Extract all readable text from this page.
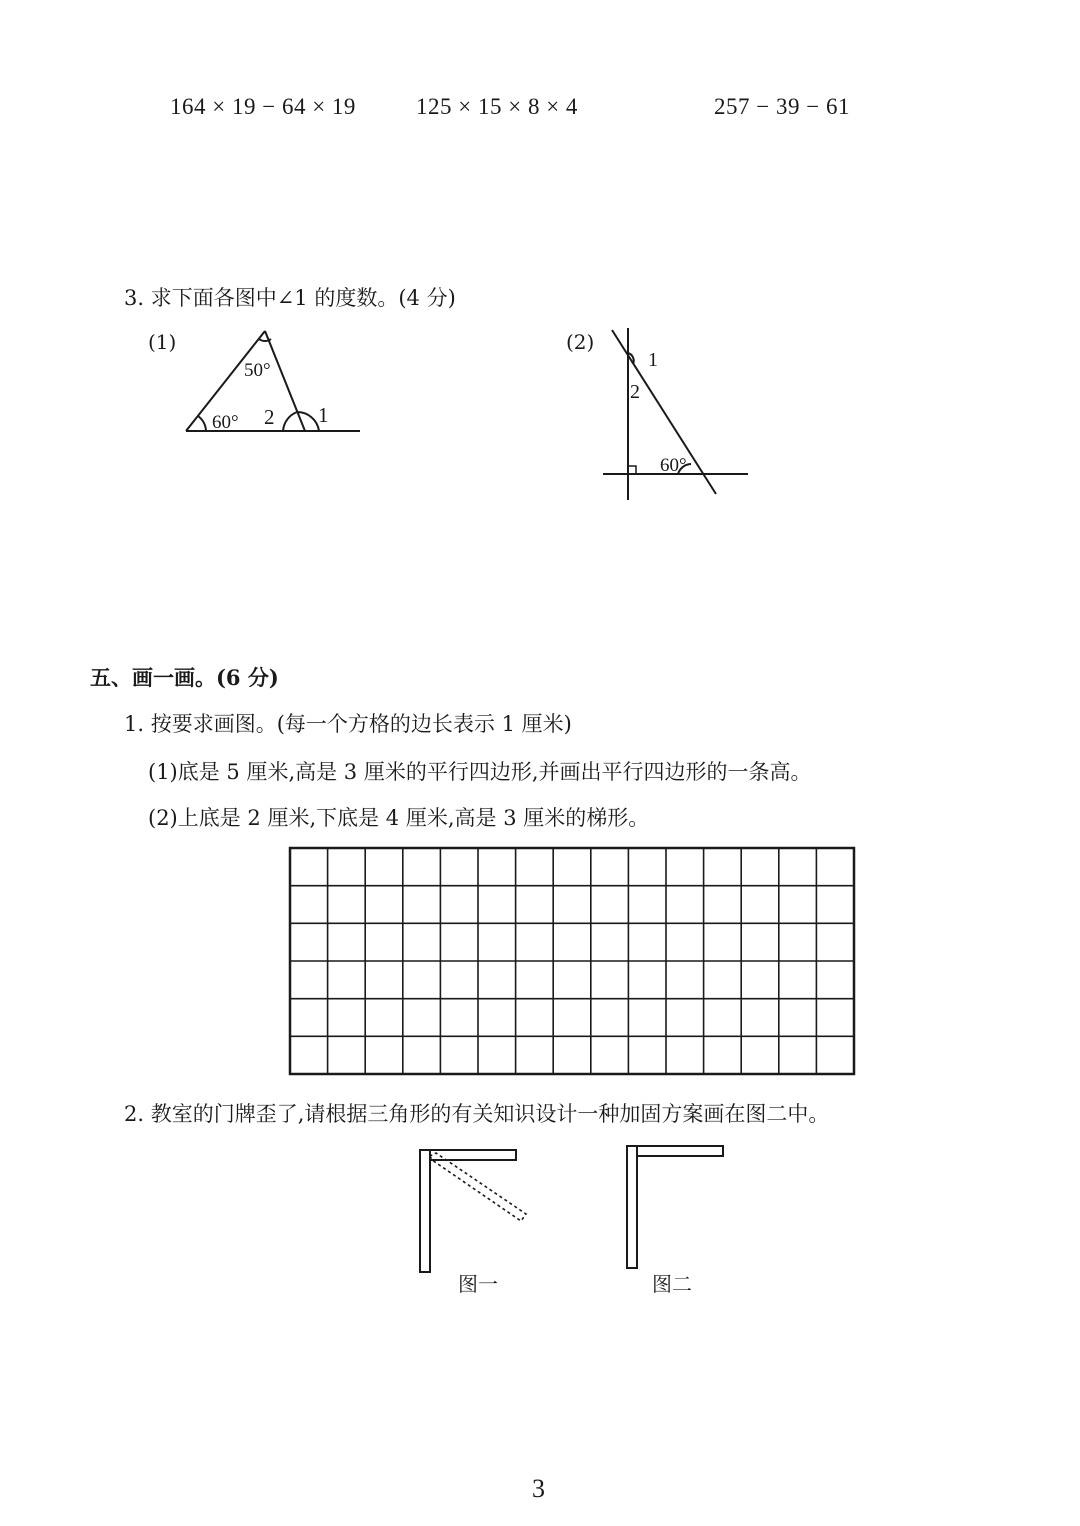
164 × 19 − 64 × 19	125 × 15 × 8 × 4	257 − 39 − 61
3. 求下面各图中∠1 的度数。(4 分)
(1)	(2)
50°
60° 2 1
1
2
60°
五、画一画。(6 分)
1. 按要求画图。(每一个方格的边长表示 1 厘米)
(1)底是 5 厘米,高是 3 厘米的平行四边形,并画出平行四边形的一条高。
(2)上底是 2 厘米,下底是 4 厘米,高是 3 厘米的梯形。
2. 教室的门牌歪了,请根据三角形的有关知识设计一种加固方案画在图二中。
图一	图二
3
